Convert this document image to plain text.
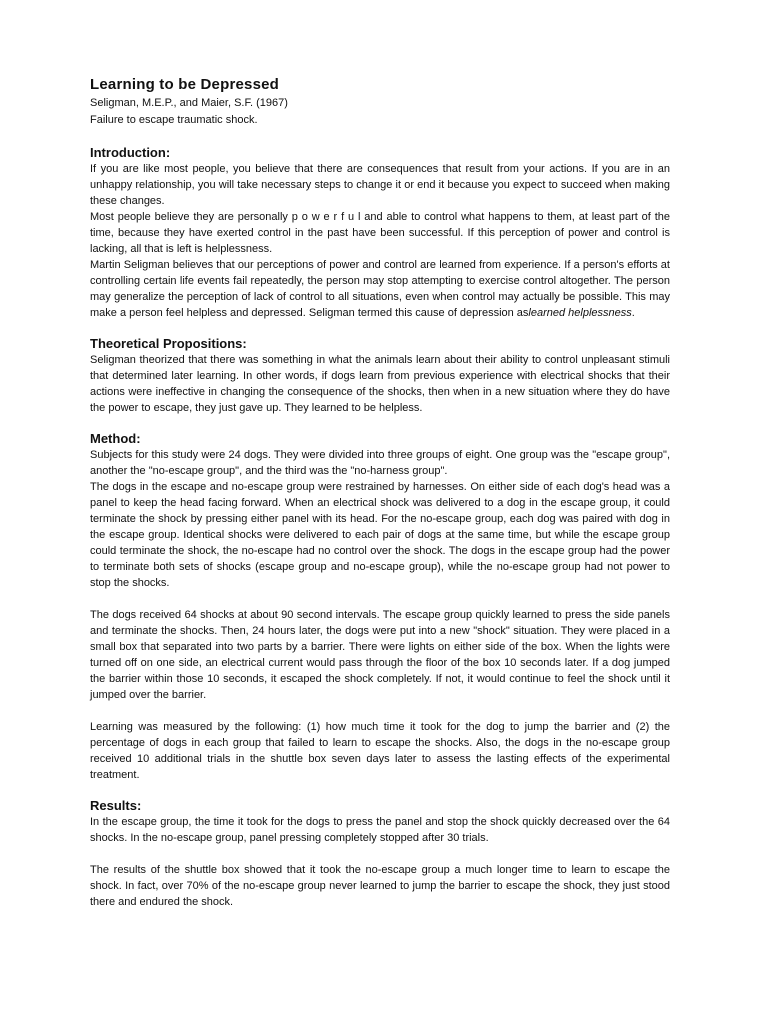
Learning to be Depressed
Seligman, M.E.P., and Maier, S.F. (1967)
Failure to escape traumatic shock.
Introduction:

If you are like most people, you believe that there are consequences that result from your actions. If you are in an unhappy relationship, you will take necessary steps to change it or end it because you expect to succeed when making these changes.

Most people believe they are personally p o w e r f u l and able to control what happens to them, at least part of the time, because they have exerted control in the past have been successful. If this perception of power and control is lacking, all that is left is helplessness.

Martin Seligman believes that our perceptions of power and control are learned from experience. If a person's efforts at controlling certain life events fail repeatedly, the person may stop attempting to exercise control altogether. The person may generalize the perception of lack of control to all situations, even when control may actually be possible. This may make a person feel helpless and depressed. Seligman termed this cause of depression aslearned helplessness.

Theoretical Propositions:

Seligman theorized that there was something in what the animals learn about their ability to control unpleasant stimuli that determined later learning. In other words, if dogs learn from previous experience with electrical shocks that their actions were ineffective in changing the consequence of the shocks, then when in a new situation where they do have the power to escape, they just gave up. They learned to be helpless.

Method:

Subjects for this study were 24 dogs. They were divided into three groups of eight. One group was the "escape group", another the "no-escape group", and the third was the "no-harness group".

The dogs in the escape and no-escape group were restrained by harnesses. On either side of each dog's head was a panel to keep the head facing forward. When an electrical shock was delivered to a dog in the escape group, it could terminate the shock by pressing either panel with its head. For the no-escape group, each dog was paired with dog in the escape group. Identical shocks were delivered to each pair of dogs at the same time, but while the escape group could terminate the shock, the no-escape had no control over the shock. The dogs in the escape group had the power to terminate both sets of shocks (escape group and no-escape group), while the no-escape group had not power to stop the shocks.

The dogs received 64 shocks at about 90 second intervals. The escape group quickly learned to press the side panels and terminate the shocks. Then, 24 hours later, the dogs were put into a new "shock" situation. They were placed in a small box that separated into two parts by a barrier. There were lights on either side of the box. When the lights were turned off on one side, an electrical current would pass through the floor of the box 10 seconds later. If a dog jumped the barrier within those 10 seconds, it escaped the shock completely. If not, it would continue to feel the shock until it jumped over the barrier.

Learning was measured by the following: (1) how much time it took for the dog to jump the barrier and (2) the percentage of dogs in each group that failed to learn to escape the shocks. Also, the dogs in the no-escape group received 10 additional trials in the shuttle box seven days later to assess the lasting effects of the experimental treatment.

Results:

In the escape group, the time it took for the dogs to press the panel and stop the shock quickly decreased over the 64 shocks. In the no-escape group, panel pressing completely stopped after 30 trials.

The results of the shuttle box showed that it took the no-escape group a much longer time to learn to escape the shock. In fact, over 70% of the no-escape group never learned to jump the barrier to escape the shock, they just stood there and endured the shock.
